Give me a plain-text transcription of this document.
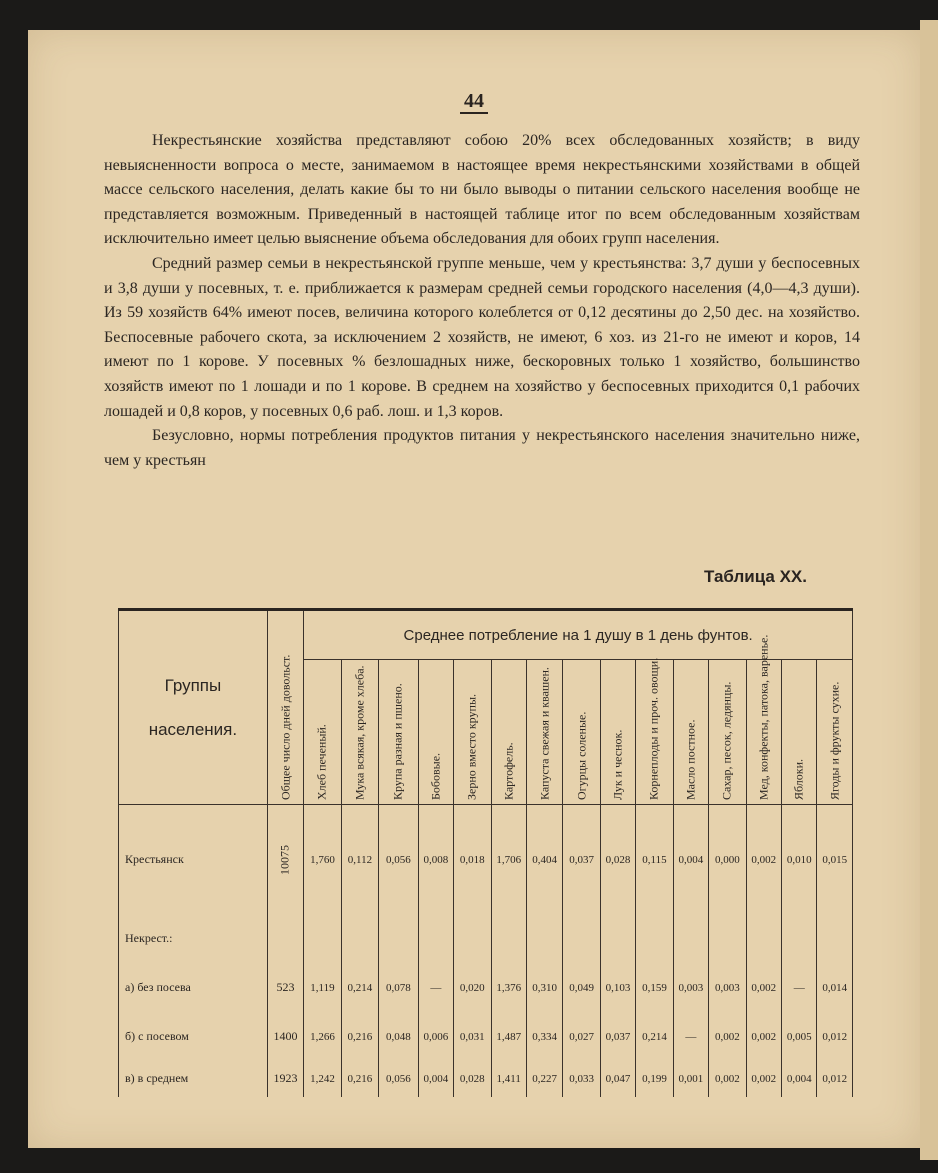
44

Некрестьянские хозяйства представляют собою 20% всех обследованных хозяйств; в виду невыясненности вопроса о месте, занимаемом в настоящее время некрестьянскими хозяйствами в общей массе сельского населения, делать какие бы то ни было выводы о питании сельского населения вообще не представляется возможным. Приведенный в настоящей таблице итог по всем обследованным хозяйствам исключительно имеет целью выяснение объема обследования для обоих групп населения.

Средний размер семьи в некрестьянской группе меньше, чем у крестьянства: 3,7 души у беспосевных и 3,8 души у посевных, т. е. приближается к размерам средней семьи городского населения (4,0—4,3 души). Из 59 хозяйств 64% имеют посев, величина которого колеблется от 0,12 десятины до 2,50 дес. на хозяйство. Беспосевные рабочего скота, за исключением 2 хозяйств, не имеют, 6 хоз. из 21-го не имеют и коров, 14 имеют по 1 корове. У посевных % безлошадных ниже, бескоровных только 1 хозяйство, большинство хозяйств имеют по 1 лошади и по 1 корове. В среднем на хозяйство у беспосевных приходится 0,1 рабочих лошадей и 0,8 коров, у посевных 0,6 раб. лош. и 1,3 коров.

Безусловно, нормы потребления продуктов питания у некрестьянского населения значительно ниже, чем у крестьян

Таблица XX.
Группы населения.	Общее число дней довольст.	Среднее потребление на 1 душу в 1 день фунтов.														

		Хлеб печеный.	Мука всякая, кроме хлеба.	Крупа разная и пшено.	Бобовые.	Зерно вместо крупы.	Картофель.	Капуста свежая и квашен.	Огурцы соленые.	Лук и чеснок.	Корнеплоды и проч. овощи.	Масло постное.	Сахар, песок, ледянцы.	Мед, конфекты, патока, варенье.	Яблоки.	Ягоды и фрукты сухие.

Крестьянск	10075	1,760	0,112	0,056	0,008	0,018	1,706	0,404	0,037	0,028	0,115	0,004	0,000	0,002	0,010	0,015
Некрест.:																
а) без посева	523	1,119	0,214	0,078	—	0,020	1,376	0,310	0,049	0,103	0,159	0,003	0,003	0,002	—	0,014
б) с посевом	1400	1,266	0,216	0,048	0,006	0,031	1,487	0,334	0,027	0,037	0,214	—	0,002	0,002	0,005	0,012
в) в среднем	1923	1,242	0,216	0,056	0,004	0,028	1,411	0,227	0,033	0,047	0,199	0,001	0,002	0,002	0,004	0,012
